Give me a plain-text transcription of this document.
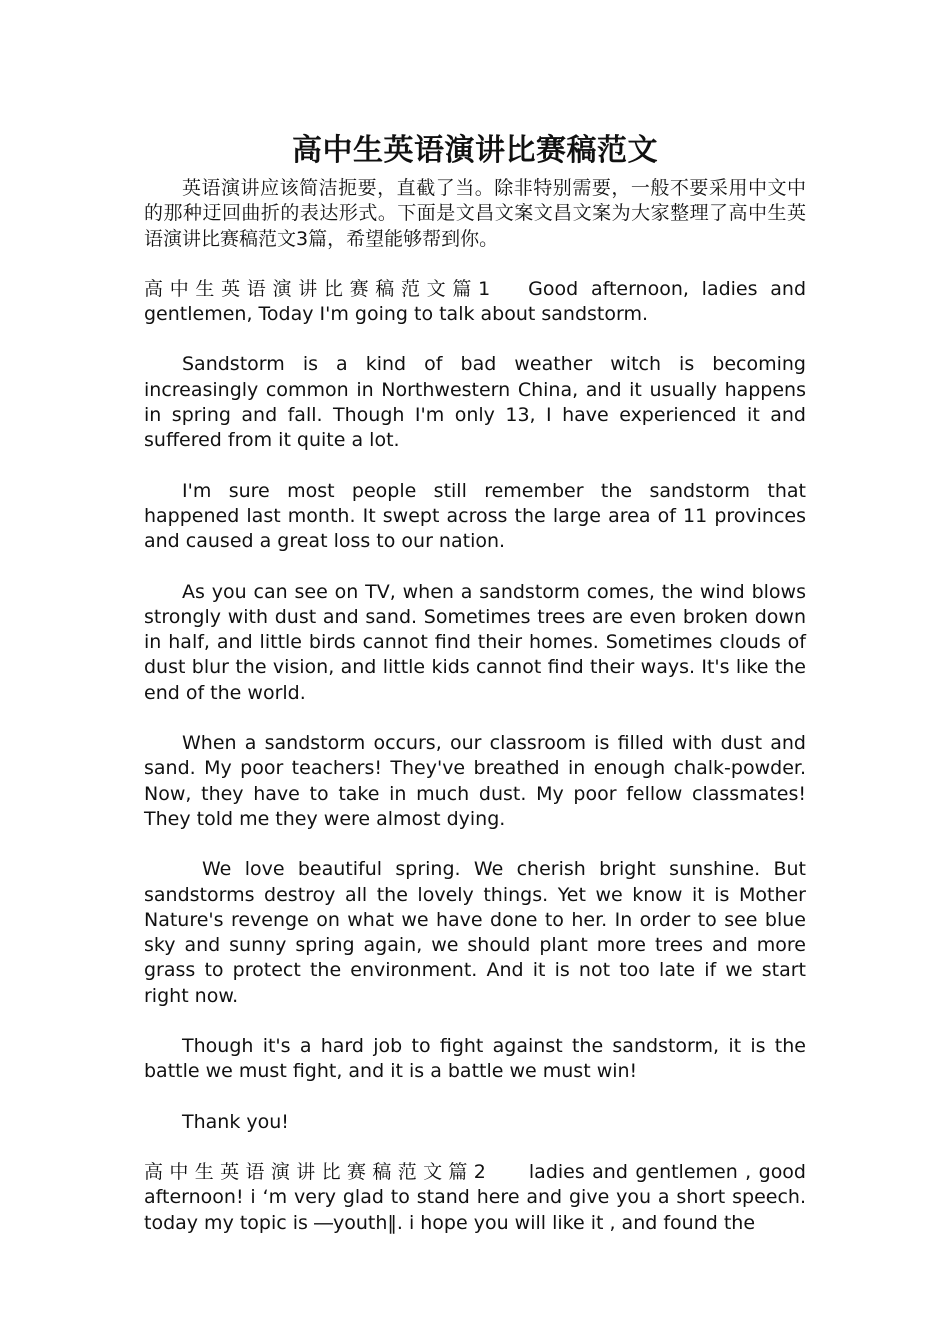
高中生英语演讲比赛稿范文

英语演讲应该简洁扼要，直截了当。除非特别需要，一般不要采用中文中的那种迂回曲折的表达形式。下面是文昌文案文昌文案为大家整理了高中生英语演讲比赛稿范文3篇，希望能够帮到你。

高中生英语演讲比赛稿范文篇1 Good afternoon, ladies and gentlemen, Today I'm going to talk about sandstorm.

Sandstorm is a kind of bad weather witch is becoming increasingly common in Northwestern China, and it usually happens in spring and fall. Though I'm only 13, I have experienced it and suffered from it quite a lot.

I'm sure most people still remember the sandstorm that happened last month. It swept across the large area of 11 provinces and caused a great loss to our nation.

As you can see on TV, when a sandstorm comes, the wind blows strongly with dust and sand. Sometimes trees are even broken down in half, and little birds cannot find their homes. Sometimes clouds of dust blur the vision, and little kids cannot find their ways. It's like the end of the world.

When a sandstorm occurs, our classroom is filled with dust and sand. My poor teachers! They've breathed in enough chalk-powder. Now, they have to take in much dust. My poor fellow classmates! They told me they were almost dying.

We love beautiful spring. We cherish bright sunshine. But sandstorms destroy all the lovely things. Yet we know it is Mother Nature's revenge on what we have done to her. In order to see blue sky and sunny spring again, we should plant more trees and more grass to protect the environment. And it is not too late if we start right now.

Though it's a hard job to fight against the sandstorm, it is the battle we must fight, and it is a battle we must win!

Thank you!

高中生英语演讲比赛稿范文篇2 ladies and gentlemen , good afternoon! i ‘m very glad to stand here and give you a short speech. today my topic is ―youth‖. i hope you will like it , and found the
